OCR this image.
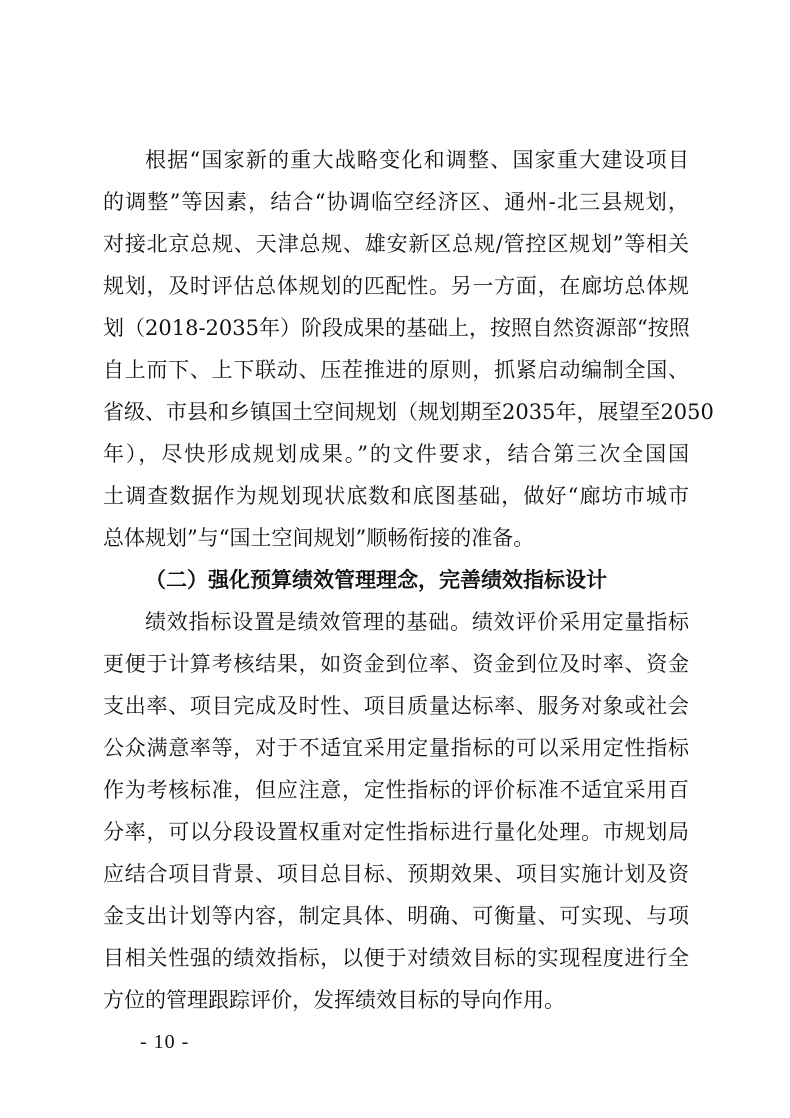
根据“国家新的重大战略变化和调整、国家重大建设项目
的调整”等因素，结合“协调临空经济区、通州-北三县规划，
对接北京总规、天津总规、雄安新区总规/管控区规划”等相关
规划，及时评估总体规划的匹配性。另一方面，在廊坊总体规
划（2018-2035年）阶段成果的基础上，按照自然资源部“按照
自上而下、上下联动、压茬推进的原则，抓紧启动编制全国、
省级、市县和乡镇国土空间规划（规划期至2035年，展望至2050
年），尽快形成规划成果。”的文件要求，结合第三次全国国
土调查数据作为规划现状底数和底图基础，做好“廊坊市城市
总体规划”与“国土空间规划”顺畅衔接的准备。
（二）强化预算绩效管理理念，完善绩效指标设计
绩效指标设置是绩效管理的基础。绩效评价采用定量指标
更便于计算考核结果，如资金到位率、资金到位及时率、资金
支出率、项目完成及时性、项目质量达标率、服务对象或社会
公众满意率等，对于不适宜采用定量指标的可以采用定性指标
作为考核标准，但应注意，定性指标的评价标准不适宜采用百
分率，可以分段设置权重对定性指标进行量化处理。市规划局
应结合项目背景、项目总目标、预期效果、项目实施计划及资
金支出计划等内容，制定具体、明确、可衡量、可实现、与项
目相关性强的绩效指标，以便于对绩效目标的实现程度进行全
方位的管理跟踪评价，发挥绩效目标的导向作用。
- 10 -
